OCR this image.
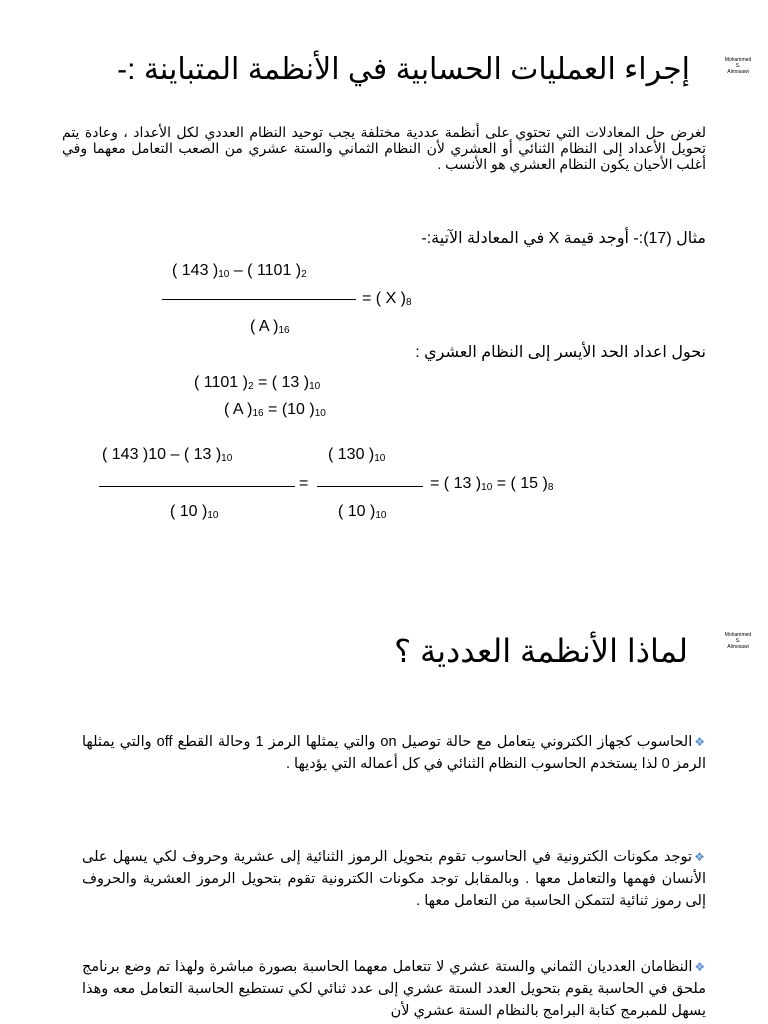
Mohammed
S.
Almosawi
إجراء العمليات الحسابية في الأنظمة المتباينة :-
لغرض حل المعادلات التي تحتوي على أنظمة عددية مختلفة يجب توحيد النظام العددي لكل الأعداد ، وعادة يتم تحويل الأعداد إلى النظام الثنائي أو العشري لأن النظام الثماني والستة عشري من الصعب التعامل معهما وفي أغلب الأحيان يكون النظام العشري هو الأنسب .
مثال (17):- أوجد قيمة X في المعادلة الآتية:-
( 143 )$_{10}$ – ( 1101 )$_2$
= ( X )$_8$
( A )$_{16}$
نحول اعداد الحد الأيسر إلى النظام العشري :
( 1101 )$_2$ = ( 13 )$_{10}$
( A )$_{16} = (10$ )$_{10}$
( 143 )10 – ( 13 )$_{10}$
( 10 )$_{10}$
=
( 130 )$_{10}$
( 10 )$_{10}$
= ( 13 )$_{10}$ = ( 15 )$_8$
Mohammed
S.
Almosawi
لماذا الأنظمة العددية ؟
❖الحاسوب كجهاز الكتروني يتعامل مع حالة توصيل on والتي يمثلها الرمز 1 وحالة القطع off والتي يمثلها الرمز 0 لذا يستخدم الحاسوب النظام الثنائي في كل أعماله التي يؤديها .
❖توجد مكونات الكترونية في الحاسوب تقوم بتحويل الرموز الثنائية إلى عشرية وحروف لكي يسهل على الأنسان فهمها والتعامل معها . وبالمقابل توجد مكونات الكترونية تقوم بتحويل الرموز العشرية والحروف إلى رموز ثنائية لتتمكن الحاسبة من التعامل معها .
❖النظامان العدديان الثماني والستة عشري لا تتعامل معهما الحاسبة بصورة مباشرة ولهذا تم وضع برنامج ملحق في الحاسبة يقوم بتحويل العدد الستة عشري إلى عدد ثنائي لكي تستطيع الحاسبة التعامل معه وهذا يسهل للمبرمج كتابة البرامج بالنظام الستة عشري لأن
